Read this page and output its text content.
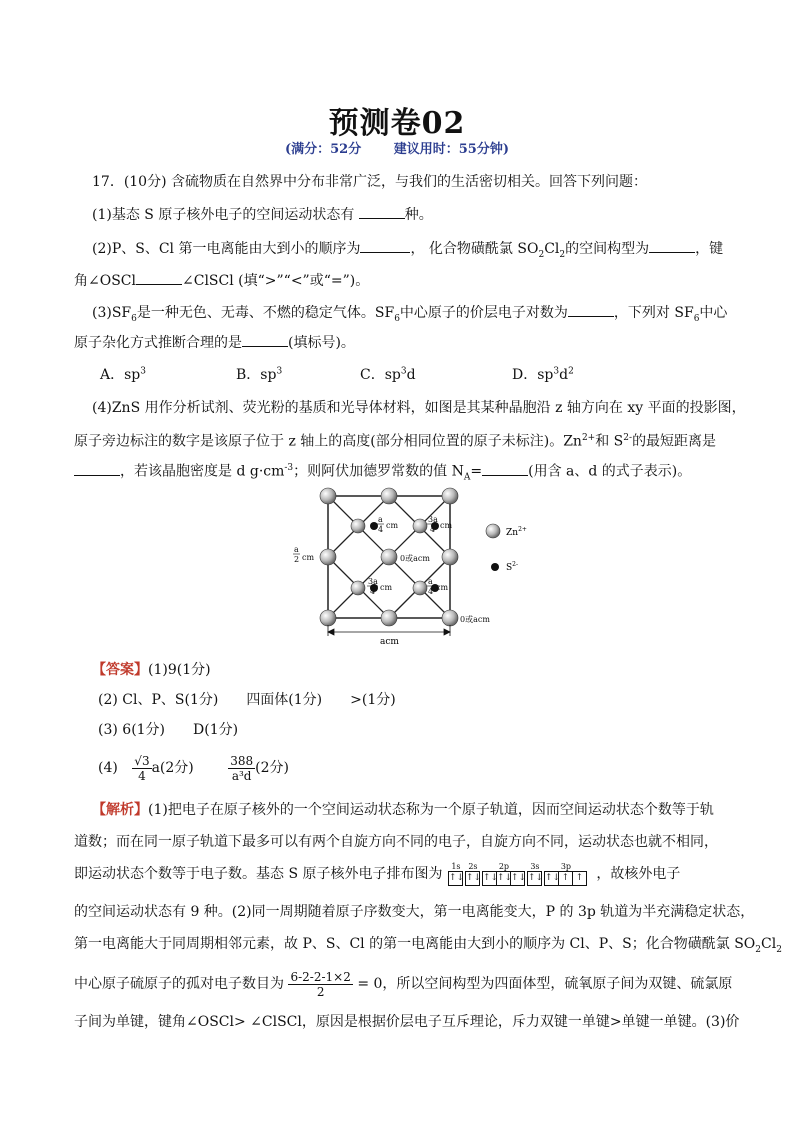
预测卷02
(满分：52分	建议用时：55分钟)
17．(10分) 含硫物质在自然界中分布非常广泛，与我们的生活密切相关。回答下列问题：
(1)基态 S 原子核外电子的空间运动状态有	种。
(2)P、S、Cl 第一电离能由大到小的顺序为	， 化合物磺酰氯 $SO_2Cl_2$的空间构型为	，键
角∠OSCl	∠ClSCl (填“>”“<”或“=”)。
$(3)SF_6$是一种无色、无毒、不燃的稳定气体。$SF_6$中心原子的价层电子对数为	，下列对 $SF_6$中心
原子杂化方式推断合理的是	(填标号)。
A．$sp^3$	B．$sp^3$	C．$sp^3d$	D．$sp^3d^2$
(4)ZnS 用作分析试剂、荧光粉的基质和光导体材料，如图是其某种晶胞沿 z 轴方向在 xy 平面的投影图，
原子旁边标注的数字是该原子位于 z 轴上的高度(部分相同位置的原子未标注)。$Zn^{2+}$和 $S^{2-}$的最短距离是
，若该晶胞密度是 d $g\cdot cm^{-3}$；则阿伏加德罗常数的值 $N_A=$	(用含 a、d 的式子表示)。
a
4 cm
3a
4 cm
a
2 cm	0或acm
3a
4 cm
a
4 cm
0或acm
acm
$Zn^{2+}$
$S^{2-}$
【答案】(1)9(1分)
(2) Cl、P、S(1分) 四面体(1分) >(1分)
(3) 6(1分) D(1分)
$(4) \frac{√3}{4} a(2$分)	$\frac{388}{\text{a³d}} (2$分)
【解析】(1)把电子在原子核外的一个空间运动状态称为一个原子轨道，因而空间运动状态个数等于轨
道数；而在同一原子轨道下最多可以有两个自旋方向不同的电子，自旋方向不同，运动状态也就不相同，
即运动状态个数等于电子数。基态 S 原子核外电子排布图为 1s
↑↓
2s
↑↓
2p
↑↓
↑↓
↑↓
3s
↑↓
3p
↑↓ ↑ ↑ ，故核外电子
的空间运动状态有 9 种。(2)同一周期随着原子序数变大，第一电离能变大，P 的 3p 轨道为半充满稳定状态，
第一电离能大于同周期相邻元素，故 P、S、Cl 的第一电离能由大到小的顺序为 Cl、P、S；化合物磺酰氯 $SO_2Cl_2$
中心原子硫原子的孤对电子数目为 $\frac{6-2-2-1\times 2}{2} = 0$，所以空间构型为四面体型，硫氧原子间为双键、硫氯原
子间为单键，键角∠OSCl> ∠ClSCl，原因是根据价层电子互斥理论，斥力双键一单键>单键一单键。(3)价
